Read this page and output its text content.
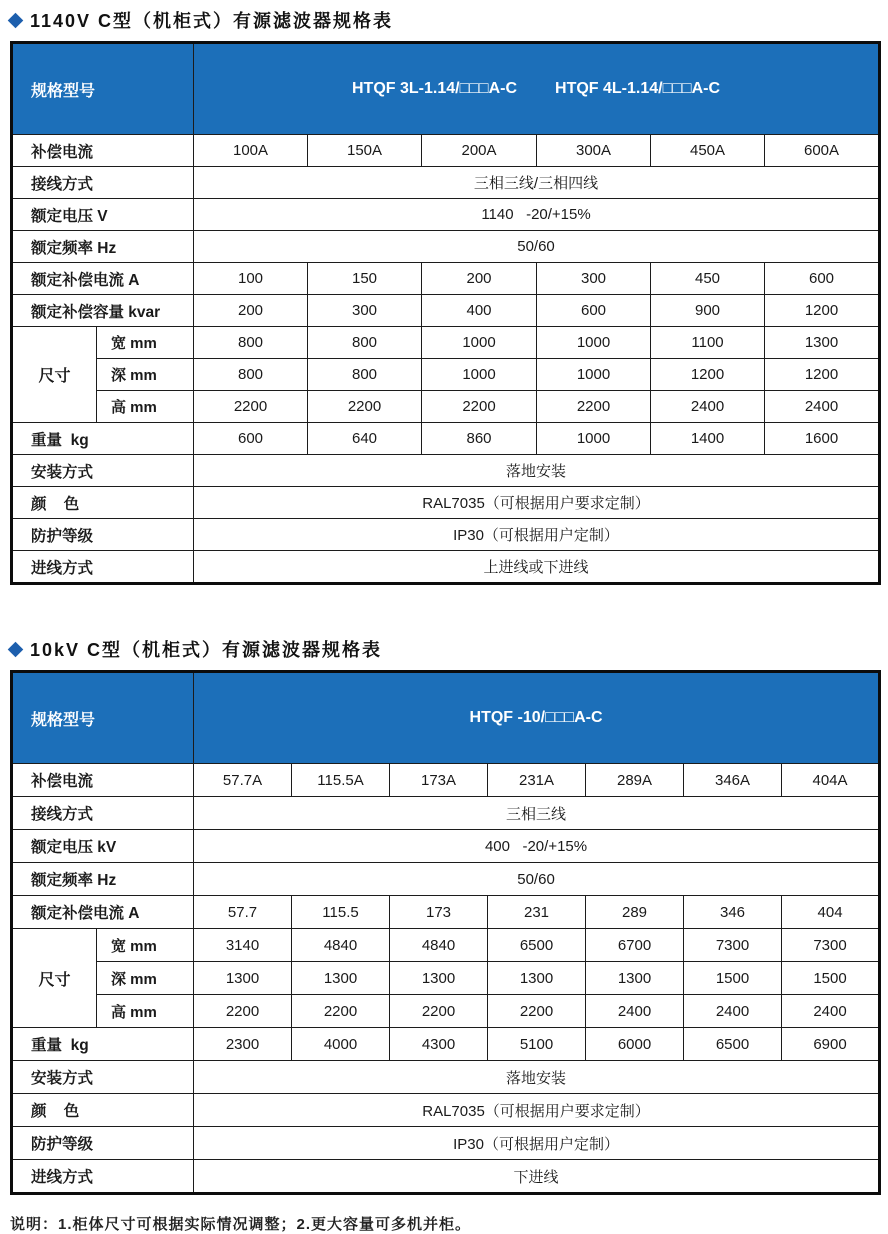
1140V C型（机柜式）有源滤波器规格表
规格型号		HTQF 3L-1.14/□□□A-C HTQF 4L-1.14/□□□A-C					

补偿电流		100A	150A	200A	300A	450A	600A
接线方式		三相三线/三相四线					
额定电压 V		1140   -20/+15%					
额定频率 Hz		50/60					
额定补偿电流 A		100	150	200	300	450	600
额定补偿容量 kvar		200	300	400	600	900	1200
尺寸	宽 mm	800	800	1000	1000	1100	1300
	深 mm	800	800	1000	1000	1200	1200
	高 mm	2200	2200	2200	2200	2400	2400
重量  kg		600	640	860	1000	1400	1600
安装方式		落地安装					
颜    色		RAL7035（可根据用户要求定制）					
防护等级		IP30（可根据用户定制）					
进线方式		上进线或下进线					
10kV C型（机柜式）有源滤波器规格表
规格型号		HTQF -10/□□□A-C						

补偿电流		57.7A	115.5A	173A	231A	289A	346A	404A
接线方式		三相三线						
额定电压 kV		400   -20/+15%						
额定频率 Hz		50/60						
额定补偿电流 A		57.7	115.5	173	231	289	346	404
尺寸	宽 mm	3140	4840	4840	6500	6700	7300	7300
	深 mm	1300	1300	1300	1300	1300	1500	1500
	高 mm	2200	2200	2200	2200	2400	2400	2400
重量  kg		2300	4000	4300	5100	6000	6500	6900
安装方式		落地安装						
颜    色		RAL7035（可根据用户要求定制）						
防护等级		IP30（可根据用户定制）						
进线方式		下进线						
说明：1.柜体尺寸可根据实际情况调整；2.更大容量可多机并柜。
